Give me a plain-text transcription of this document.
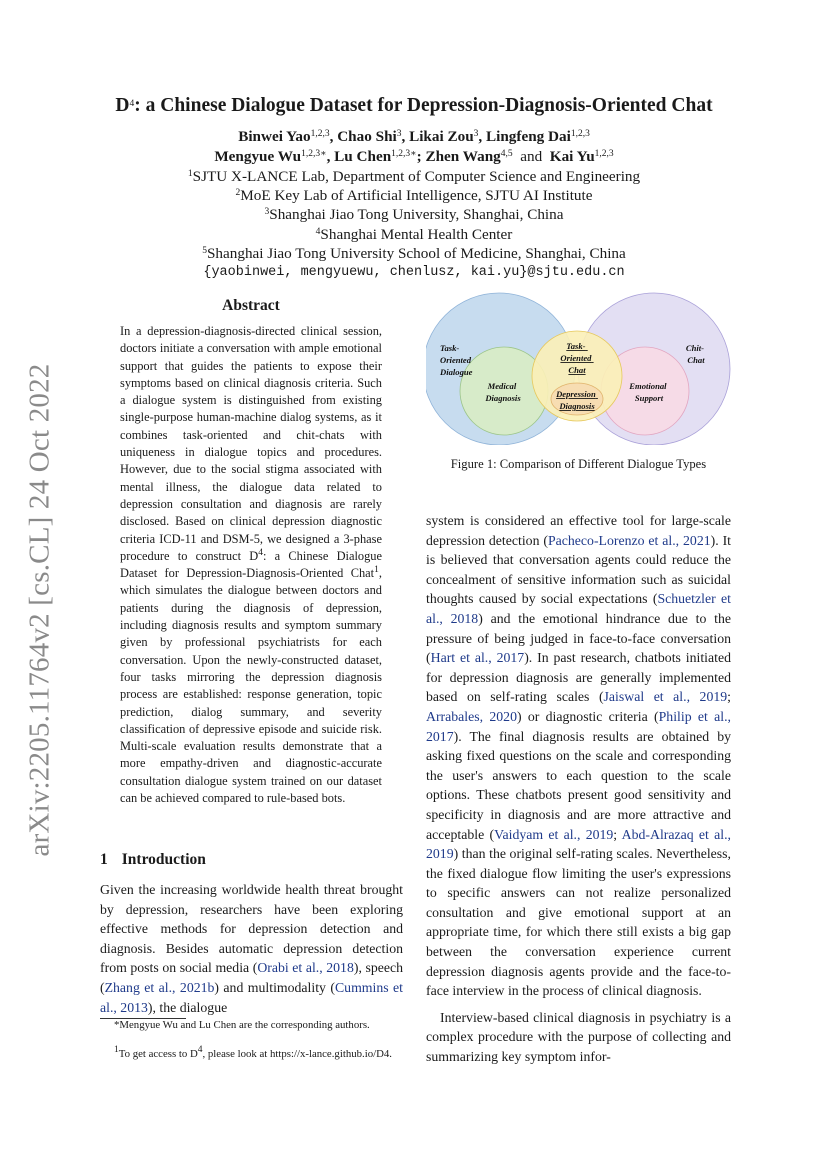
arXiv:2205.11764v2 [cs.CL] 24 Oct 2022
$D^4$: a Chinese Dialogue Dataset for Depression-Diagnosis-Oriented Chat
Binwei Yao$^{1,2,3}$, Chao Shi$^3$, Likai Zou$^3$, Lingfeng Dai$^{1,2,3}$
Mengyue $Wu^{1,2,3∗}$, Lu Chen$^{1,2,3∗}$; Zhen Wang$^{4,5}$  and  Kai Yu$^{1,2,3}$
$^1$SJTU X-LANCE Lab, Department of Computer Science and Engineering
$^2$MoE Key Lab of Artificial Intelligence, SJTU AI Institute
$^3$Shanghai Jiao Tong University, Shanghai, China
$^4$Shanghai Mental Health Center
$^5$Shanghai Jiao Tong University School of Medicine, Shanghai, China
{yaobinwei, mengyuewu, chenlusz, kai.yu}@sjtu.edu.cn
Abstract
In a depression-diagnosis-directed clinical session, doctors initiate a conversation with ample emotional support that guides the patients to expose their symptoms based on clinical diagnosis criteria. Such a dialogue system is distinguished from existing single-purpose human-machine dialog systems, as it combines task-oriented and chit-chats with uniqueness in dialogue topics and procedures. However, due to the social stigma associated with mental illness, the dialogue data related to depression consultation and diagnosis are rarely disclosed. Based on clinical depression diagnostic criteria ICD-11 and DSM-5, we designed a 3-phase procedure to construct $D^4$: a Chinese Dialogue Dataset for Depression-Diagnosis-Oriented Chat$^1$, which simulates the dialogue between doctors and patients during the diagnosis of depression, including diagnosis results and symptom summary given by professional psychiatrists for each conversation. Upon the newly-constructed dataset, four tasks mirroring the depression diagnosis process are established: response generation, topic prediction, dialog summary, and severity classification of depressive episode and suicide risk. Multi-scale evaluation results demonstrate that a more empathy-driven and diagnostic-accurate consultation dialogue system trained on our dataset can be achieved compared to rule-based bots.
1 Introduction
Given the increasing worldwide health threat brought by depression, researchers have been exploring effective methods for depression detection and diagnosis. Besides automatic depression detection from posts on social media (Orabi et al., 2018), speech (Zhang et al., 2021b) and multimodality (Cummins et al., 2013), the dialogue
*Mengyue Wu and Lu Chen are the corresponding authors.
$^1$To get access to $D^4$, please look at https://x-lance.github.io/D4.
Task- Oriented Dialogue
Chit- Chat
Medical Diagnosis
Task- Oriented Chat
Emotional Support
Depression Diagnosis
Figure 1: Comparison of Different Dialogue Types
system is considered an effective tool for large-scale depression detection (Pacheco-Lorenzo et al., 2021). It is believed that conversation agents could reduce the concealment of sensitive information such as suicidal thoughts caused by social expectations (Schuetzler et al., 2018) and the emotional hindrance due to the pressure of being judged in face-to-face conversation (Hart et al., 2017). In past research, chatbots initiated for depression diagnosis are generally implemented based on self-rating scales (Jaiswal et al., 2019; Arrabales, 2020) or diagnostic criteria (Philip et al., 2017). The final diagnosis results are obtained by asking fixed questions on the scale and corresponding the user's answers to each question to the scale options. These chatbots present good sensitivity and specificity in diagnosis and are more attractive and acceptable (Vaidyam et al., 2019; Abd-Alrazaq et al., 2019) than the original self-rating scales. Nevertheless, the fixed dialogue flow limiting the user's expressions to specific answers can not realize personalized consultation and give emotional support at an appropriate time, for which there still exists a big gap between the conversation experience current depression diagnosis agents provide and the face-to-face interview in the process of clinical diagnosis.
Interview-based clinical diagnosis in psychiatry is a complex procedure with the purpose of collecting and summarizing key symptom infor-
